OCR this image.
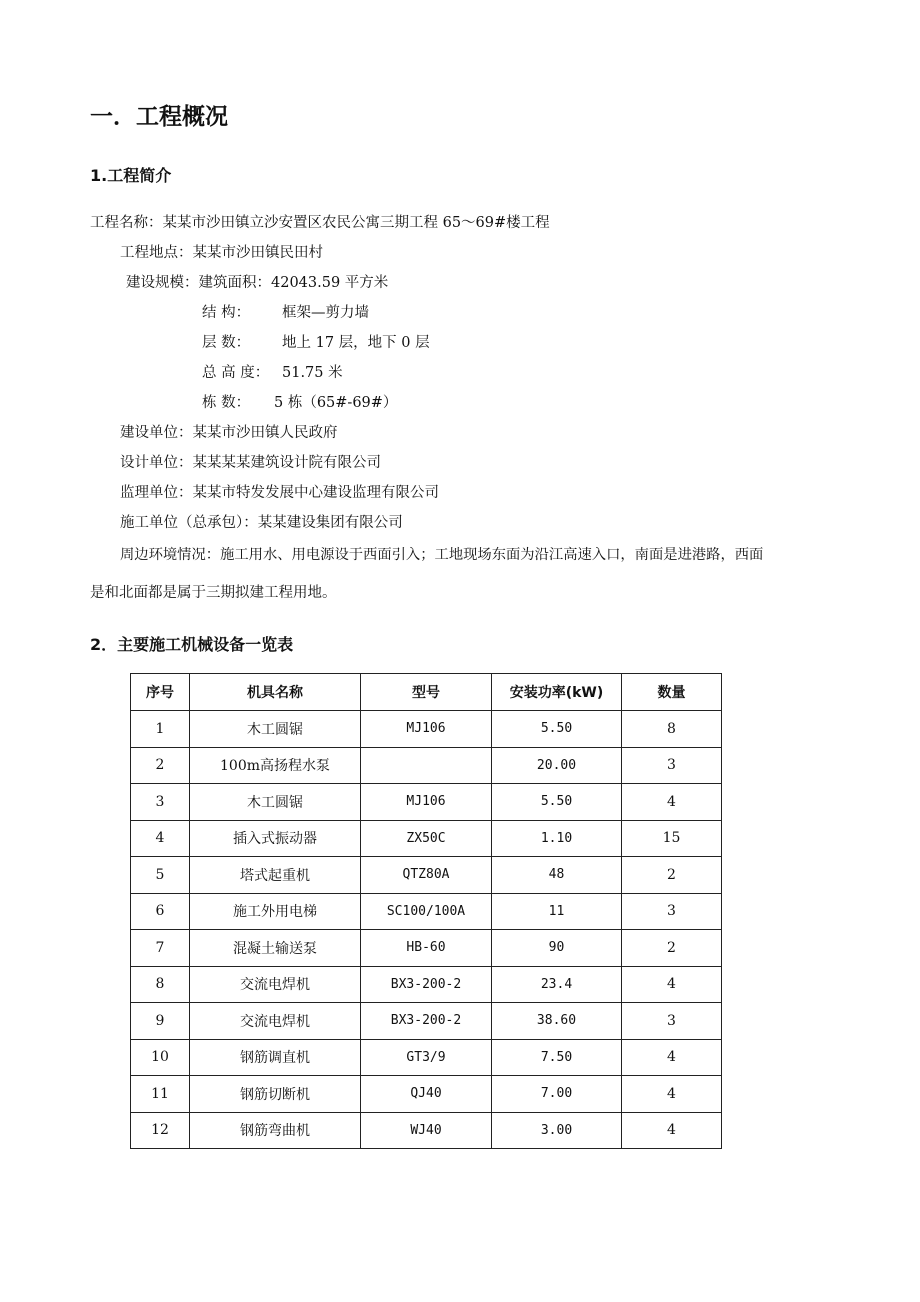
一．工程概况
1.工程简介
工程名称：某某市沙田镇立沙安置区农民公寓三期工程 65～69#楼工程
工程地点：某某市沙田镇民田村
建设规模：建筑面积：42043.59 平方米
结 构： 框架—剪力墙
层 数： 地上 17 层，地下 0 层
总 高 度： 51.75 米
栋 数： 5 栋（65#-69#）
建设单位：某某市沙田镇人民政府
设计单位：某某某某建筑设计院有限公司
监理单位：某某市特发发展中心建设监理有限公司
施工单位（总承包）：某某建设集团有限公司
周边环境情况：施工用水、用电源设于西面引入；工地现场东面为沿江高速入口，南面是进港路，西面
是和北面都是属于三期拟建工程用地。
2．主要施工机械设备一览表
序号	机具名称	型号	安装功率(kW)	数量
1	木工圆锯	MJ106	5.50	8
2	100m高扬程水泵		20.00	3
3	木工圆锯	MJ106	5.50	4
4	插入式振动器	ZX50C	1.10	15
5	塔式起重机	QTZ80A	48	2
6	施工外用电梯	SC100/100A	11	3
7	混凝土输送泵	HB-60	90	2
8	交流电焊机	BX3-200-2	23.4	4
9	交流电焊机	BX3-200-2	38.60	3
10	钢筋调直机	GT3/9	7.50	4
11	钢筋切断机	QJ40	7.00	4
12	钢筋弯曲机	WJ40	3.00	4
